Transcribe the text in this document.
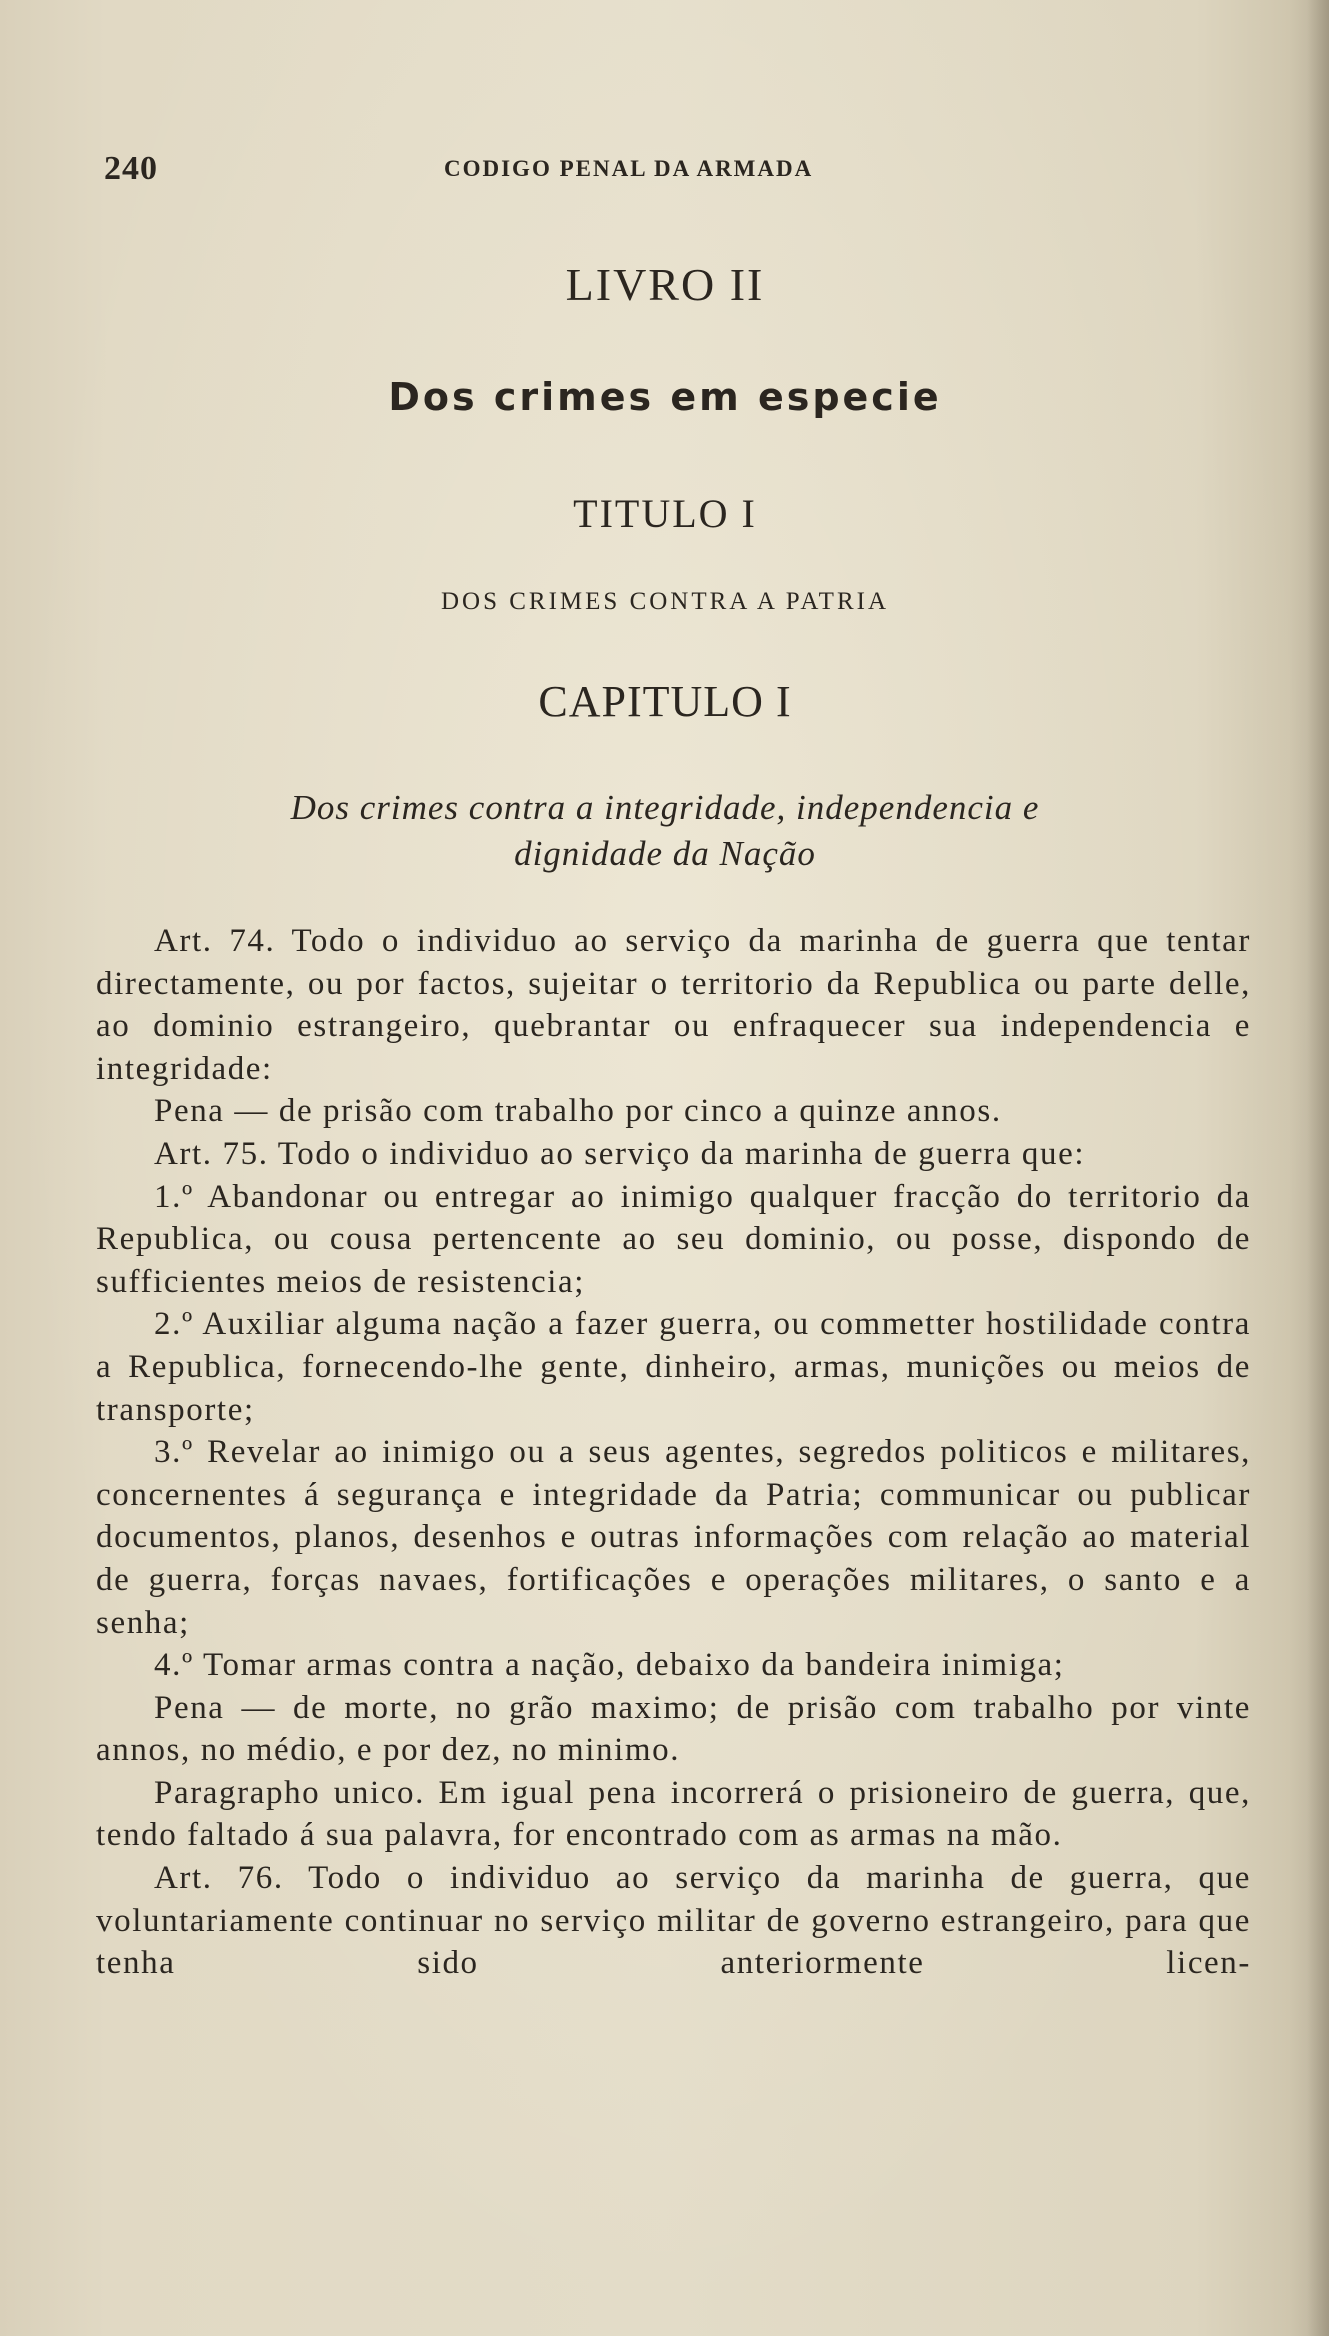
240	CODIGO PENAL DA ARMADA
LIVRO II
Dos crimes em especie
TITULO I
DOS CRIMES CONTRA A PATRIA
CAPITULO I
Dos crimes contra a integridade, independencia e
dignidade da Nação

Art. 74. Todo o individuo ao serviço da marinha de guerra que tentar directamente, ou por factos, sujeitar o territorio da Republica ou parte delle, ao dominio estrangeiro, quebrantar ou enfraquecer sua independencia e integridade:

Pena — de prisão com trabalho por cinco a quinze annos.

Art. 75. Todo o individuo ao serviço da marinha de guerra que:

1.º Abandonar ou entregar ao inimigo qualquer fracção do territorio da Republica, ou cousa pertencente ao seu dominio, ou posse, dispondo de sufficientes meios de resistencia;

2.º Auxiliar alguma nação a fazer guerra, ou commetter hostilidade contra a Republica, fornecendo-lhe gente, dinheiro, armas, munições ou meios de transporte;

3.º Revelar ao inimigo ou a seus agentes, segredos politicos e militares, concernentes á segurança e integridade da Patria; communicar ou publicar documentos, planos, desenhos e outras informações com relação ao material de guerra, forças navaes, fortificações e operações militares, o santo e a senha;

4.º Tomar armas contra a nação, debaixo da bandeira inimiga;

Pena — de morte, no grão maximo; de prisão com trabalho por vinte annos, no médio, e por dez, no minimo.

Paragrapho unico. Em igual pena incorrerá o prisioneiro de guerra, que, tendo faltado á sua palavra, for encontrado com as armas na mão.

Art. 76. Todo o individuo ao serviço da marinha de guerra, que voluntariamente continuar no serviço militar de governo estrangeiro, para que tenha sido anteriormente licen-
